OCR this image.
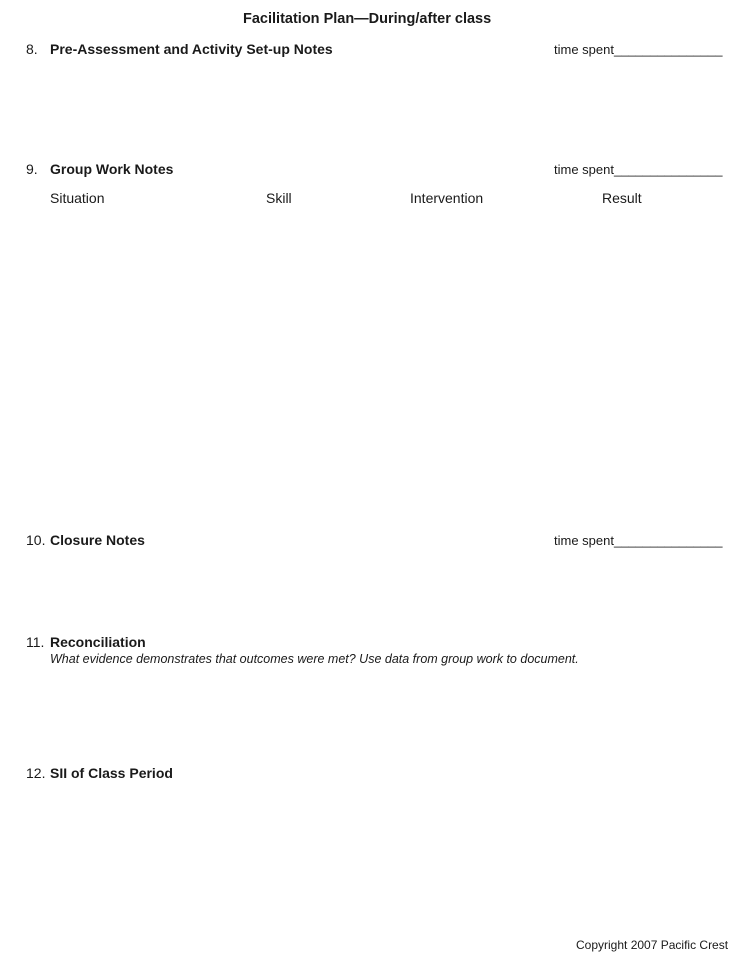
Facilitation Plan—During/after class
8. Pre-Assessment and Activity Set-up Notes	time spent_______________
9. Group Work Notes	time spent_______________
Situation	Skill	Intervention	Result
10. Closure Notes	time spent_______________
11. Reconciliation
What evidence demonstrates that outcomes were met? Use data from group work to document.
12. SII of Class Period
Copyright 2007 Pacific Crest
